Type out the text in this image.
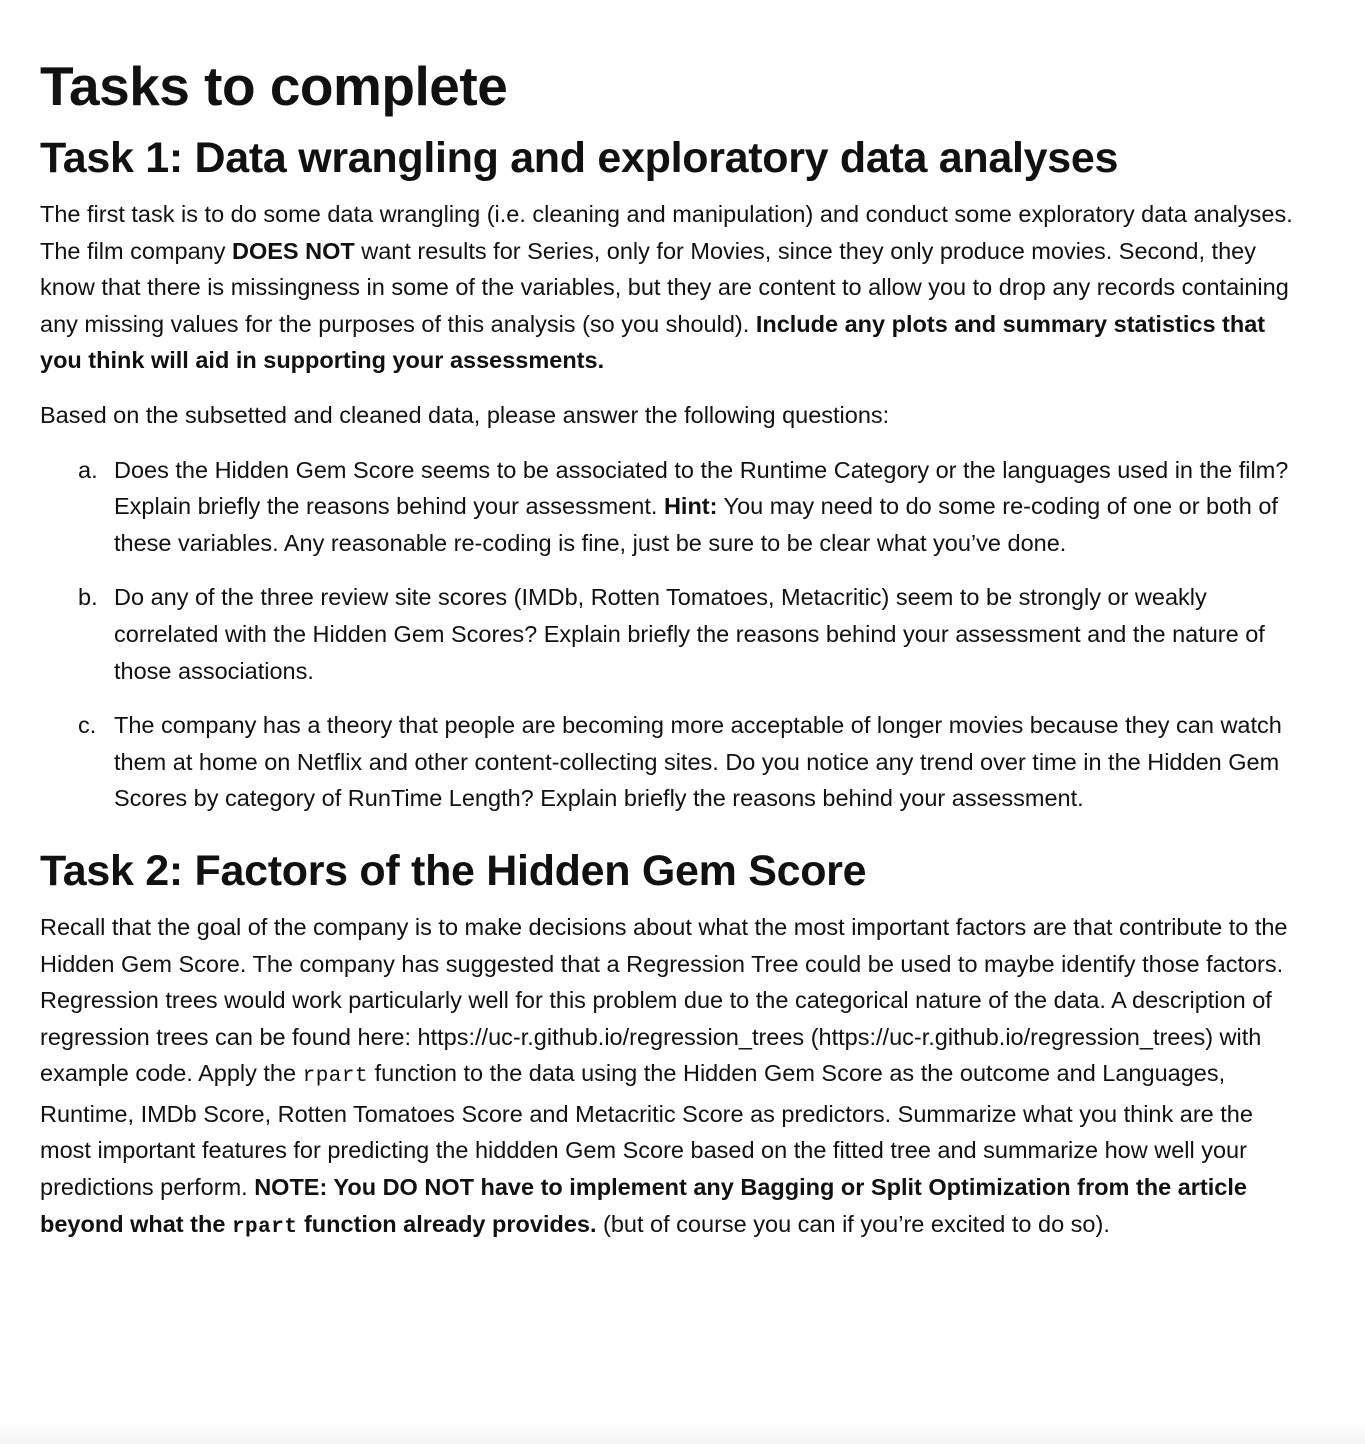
Tasks to complete
Task 1: Data wrangling and exploratory data analyses

The first task is to do some data wrangling (i.e. cleaning and manipulation) and conduct some exploratory data analyses. The film company DOES NOT want results for Series, only for Movies, since they only produce movies. Second, they know that there is missingness in some of the variables, but they are content to allow you to drop any records containing any missing values for the purposes of this analysis (so you should). Include any plots and summary statistics that you think will aid in supporting your assessments.

Based on the subsetted and cleaned data, please answer the following questions:

a. Does the Hidden Gem Score seems to be associated to the Runtime Category or the languages used in the film? Explain briefly the reasons behind your assessment. Hint: You may need to do some re-coding of one or both of these variables. Any reasonable re-coding is fine, just be sure to be clear what you’ve done.
b. Do any of the three review site scores (IMDb, Rotten Tomatoes, Metacritic) seem to be strongly or weakly correlated with the Hidden Gem Scores? Explain briefly the reasons behind your assessment and the nature of those associations.
c. The company has a theory that people are becoming more acceptable of longer movies because they can watch them at home on Netflix and other content-collecting sites. Do you notice any trend over time in the Hidden Gem Scores by category of RunTime Length? Explain briefly the reasons behind your assessment.
Task 2: Factors of the Hidden Gem Score

Recall that the goal of the company is to make decisions about what the most important factors are that contribute to the Hidden Gem Score. The company has suggested that a Regression Tree could be used to maybe identify those factors. Regression trees would work particularly well for this problem due to the categorical nature of the data. A description of regression trees can be found here: https://uc-r.github.io/regression_trees (https://uc-r.github.io/regression_trees) with example code. Apply the rpart function to the data using the Hidden Gem Score as the outcome and Languages, Runtime, IMDb Score, Rotten Tomatoes Score and Metacritic Score as predictors. Summarize what you think are the most important features for predicting the hiddden Gem Score based on the fitted tree and summarize how well your predictions perform. NOTE: You DO NOT have to implement any Bagging or Split Optimization from the article beyond what the rpart function already provides. (but of course you can if you’re excited to do so).
